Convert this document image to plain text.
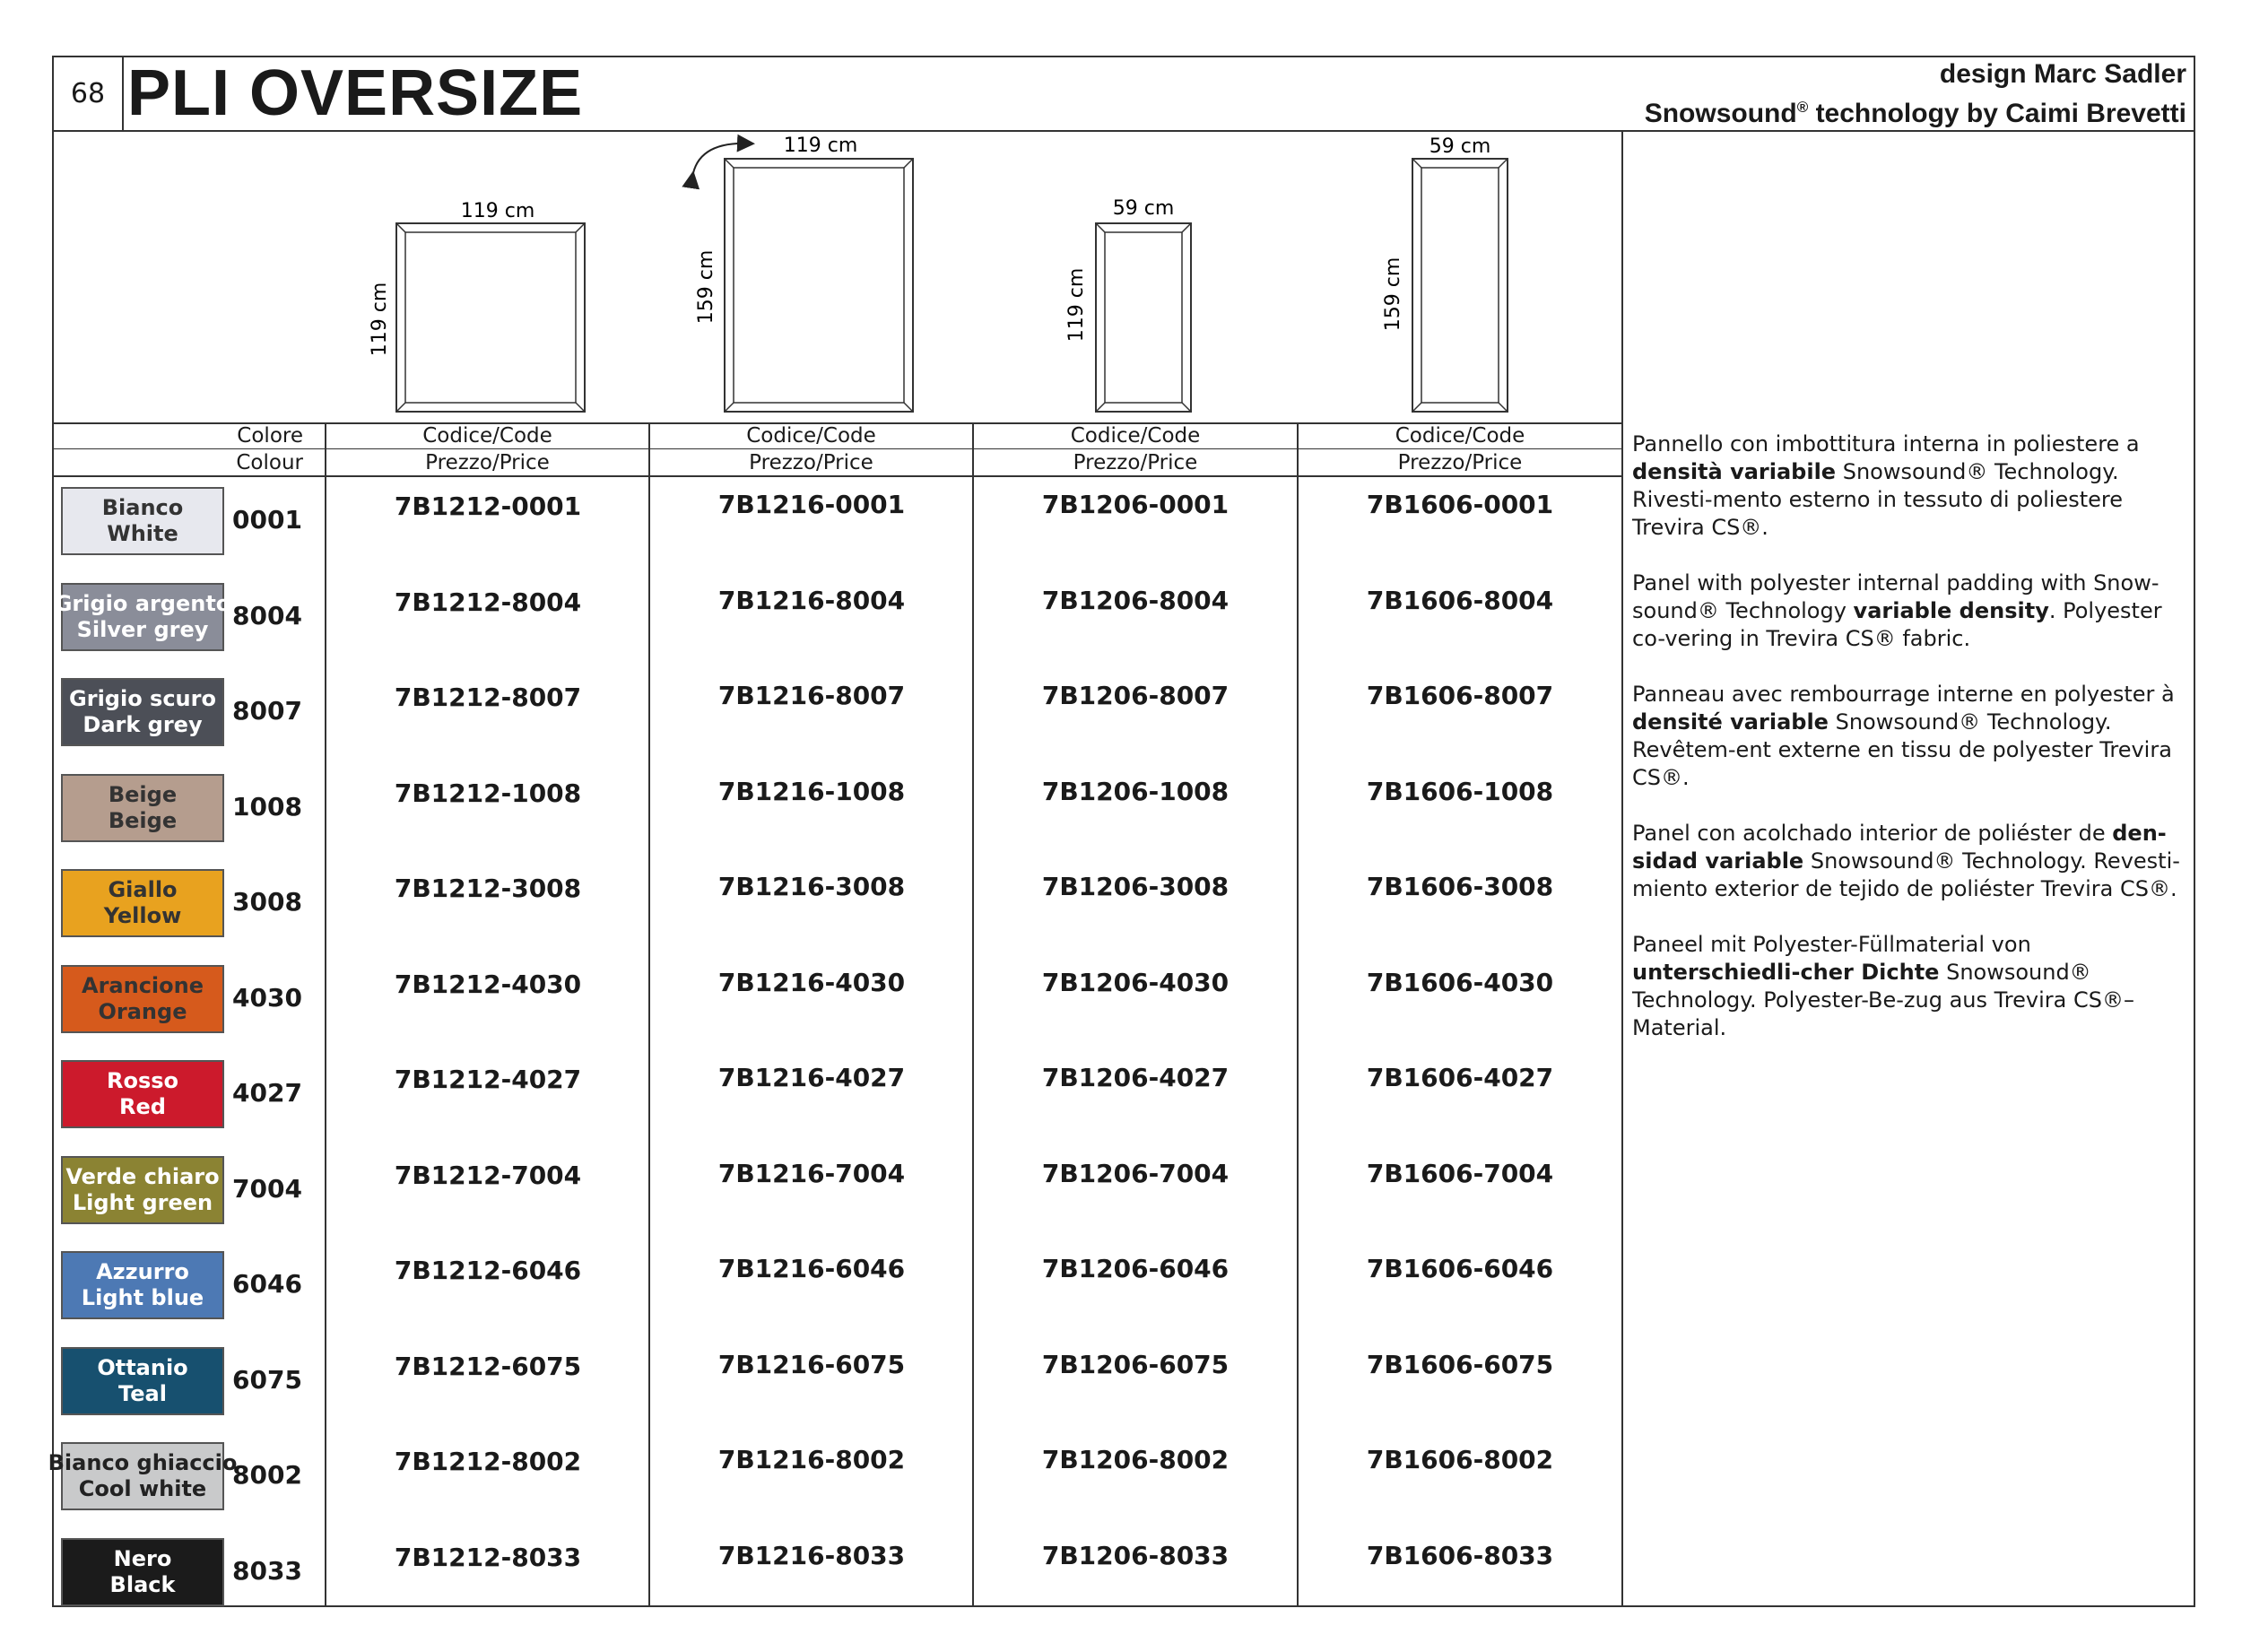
68 PLI OVERSIZE	design Marc Sadler
Snowsound® technology by Caimi Brevetti
119 cm
119 cm
119 cm
159 cm
59 cm
119 cm
59 cm
159 cm
Colore
Colour
Codice/Code
Prezzo/Price
Codice/Code
Prezzo/Price
Codice/Code
Prezzo/Price
Codice/Code
Prezzo/Price
Bianco
White 0001	7B1212-0001	7B1216-0001	7B1206-0001	7B1606-0001
Grigio argento
Silver grey 8004	7B1212-8004	7B1216-8004	7B1206-8004	7B1606-8004
Grigio scuro
Dark grey 8007	7B1212-8007	7B1216-8007	7B1206-8007	7B1606-8007
Beige
Beige 1008	7B1212-1008	7B1216-1008	7B1206-1008	7B1606-1008
Giallo
Yellow 3008	7B1212-3008	7B1216-3008	7B1206-3008	7B1606-3008
Arancione
Orange 4030	7B1212-4030	7B1216-4030	7B1206-4030	7B1606-4030
Rosso
Red	4027	7B1212-4027	7B1216-4027	7B1206-4027	7B1606-4027
Verde chiaro
Light green 7004	7B1212-7004	7B1216-7004	7B1206-7004	7B1606-7004
Azzurro
Light blue 6046	7B1212-6046	7B1216-6046	7B1206-6046	7B1606-6046
Ottanio
Teal	6075	7B1212-6075	7B1216-6075	7B1206-6075	7B1606-6075
Bianco ghiaccio
Cool white 8002	7B1212-8002	7B1216-8002	7B1206-8002	7B1606-8002
Nero
Black 8033	7B1212-8033	7B1216-8033	7B1206-8033	7B1606-8033

Pannello con imbottitura interna in poliestere a densità variabile Snowsound® Technology. Rivesti-mento esterno in tessuto di poliestere Trevira CS®.

Panel with polyester internal padding with Snow-sound® Technology variable density. Polyester co-vering in Trevira CS® fabric.

Panneau avec rembourrage interne en polyester à densité variable Snowsound® Technology. Revêtem-ent externe en tissu de polyester Trevira CS®.

Panel con acolchado interior de poliéster de den-sidad variable Snowsound® Technology. Revesti-miento exterior de tejido de poliéster Trevira CS®.

Paneel mit Polyester-Füllmaterial von unterschiedli-cher Dichte Snowsound® Technology. Polyester-Be-zug aus Trevira CS®–Material.
